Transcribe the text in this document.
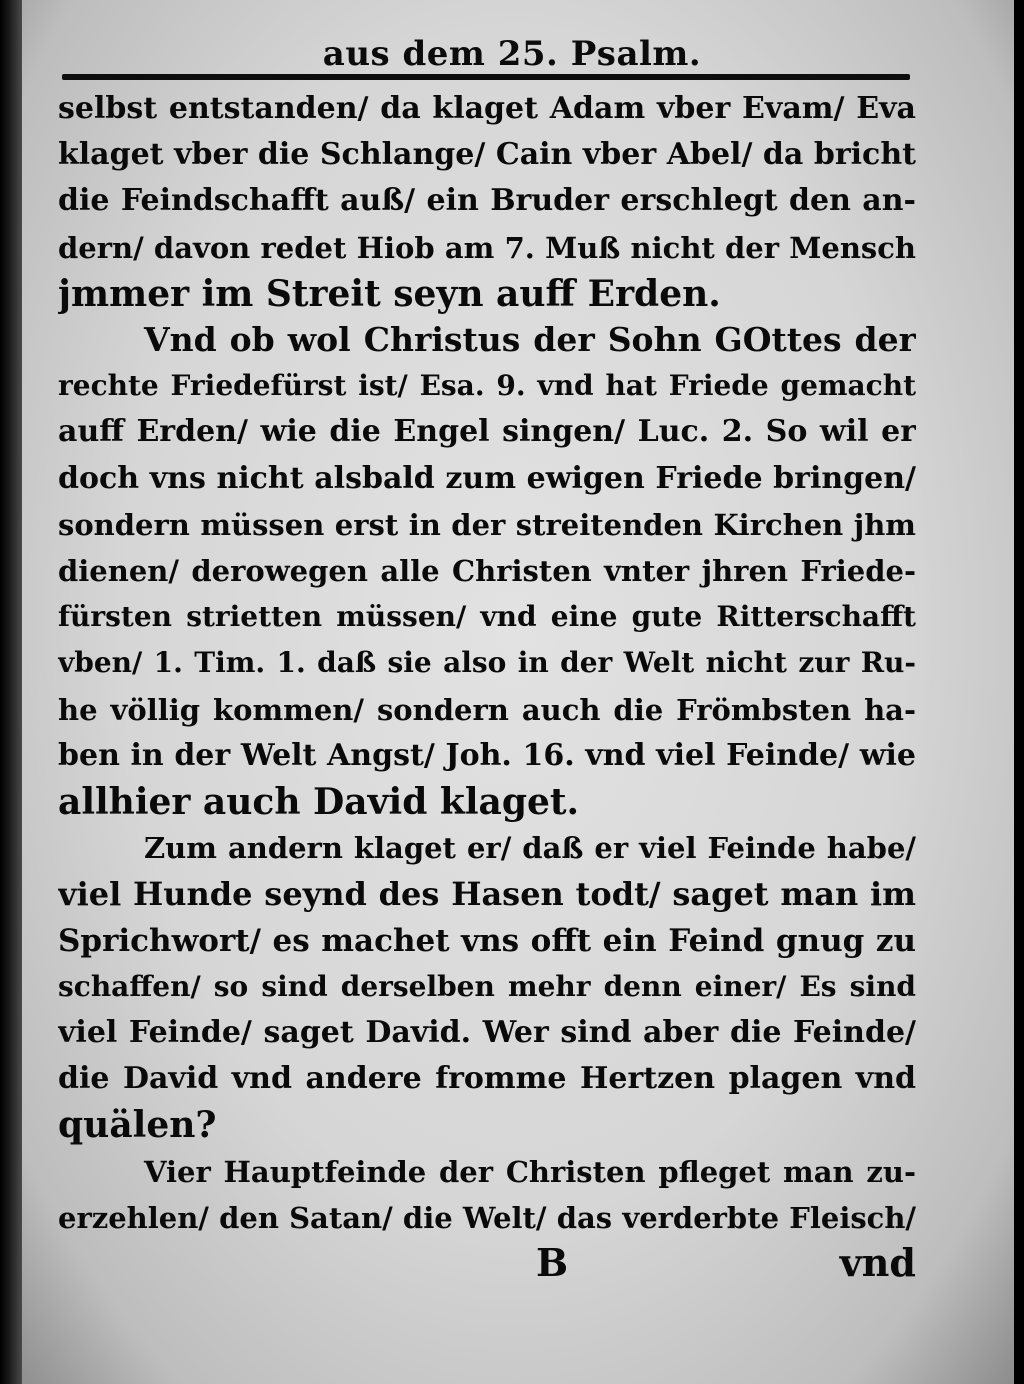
aus dem 25. Psalm.
selbst entstanden/ da klaget Adam vber Evam/ Eva
klaget vber die Schlange/ Cain vber Abel/ da bricht
die Feindschafft auß/ ein Bruder erschlegt den an-
dern/ davon redet Hiob am 7. Muß nicht der Mensch
jmmer im Streit seyn auff Erden.
Vnd ob wol Christus der Sohn GOttes der
rechte Friedefürst ist/ Esa. 9. vnd hat Friede gemacht
auff Erden/ wie die Engel singen/ Luc. 2. So wil er
doch vns nicht alsbald zum ewigen Friede bringen/
sondern müssen erst in der streitenden Kirchen jhm
dienen/ derowegen alle Christen vnter jhren Friede-
fürsten strietten müssen/ vnd eine gute Ritterschafft
vben/ 1. Tim. 1. daß sie also in der Welt nicht zur Ru-
he völlig kommen/ sondern auch die Frömbsten ha-
ben in der Welt Angst/ Joh. 16. vnd viel Feinde/ wie
allhier auch David klaget.
Zum andern klaget er/ daß er viel Feinde habe/
viel Hunde seynd des Hasen todt/ saget man im
Sprichwort/ es machet vns offt ein Feind gnug zu
schaffen/ so sind derselben mehr denn einer/ Es sind
viel Feinde/ saget David. Wer sind aber die Feinde/
die David vnd andere fromme Hertzen plagen vnd
quälen?
Vier Hauptfeinde der Christen pfleget man zu-
erzehlen/ den Satan/ die Welt/ das verderbte Fleisch/
B	vnd
